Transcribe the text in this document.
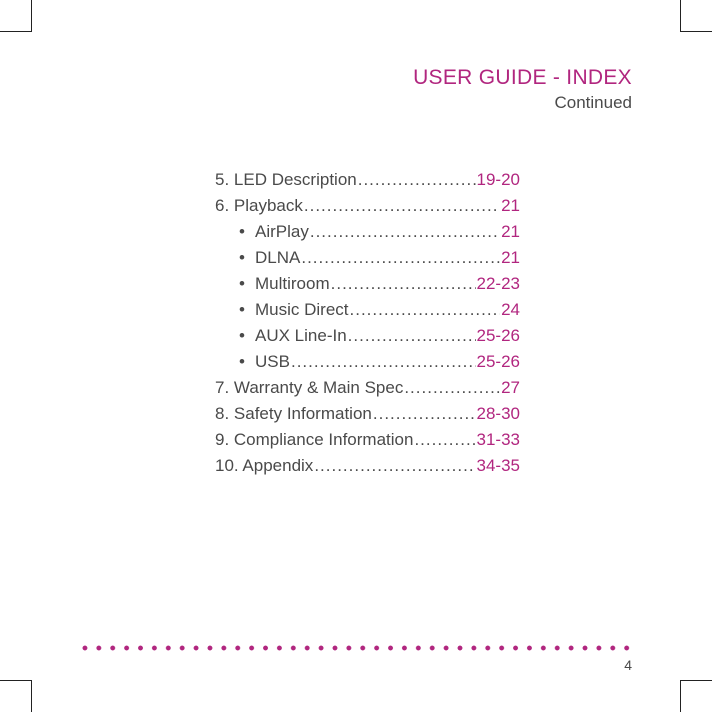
USER GUIDE - INDEX
Continued
5. LED Description .....	19-20
6. Playback .....	21
• AirPlay .....	21
• DLNA .....	21
• Multiroom .....	22-23
• Music Direct .....	24
• AUX Line-In .....	25-26
• USB .....	25-26
7. Warranty & Main Spec .....	27
8. Safety Information .....	28-30
9. Compliance Information .....	31-33
10. Appendix .....	34-35
4
